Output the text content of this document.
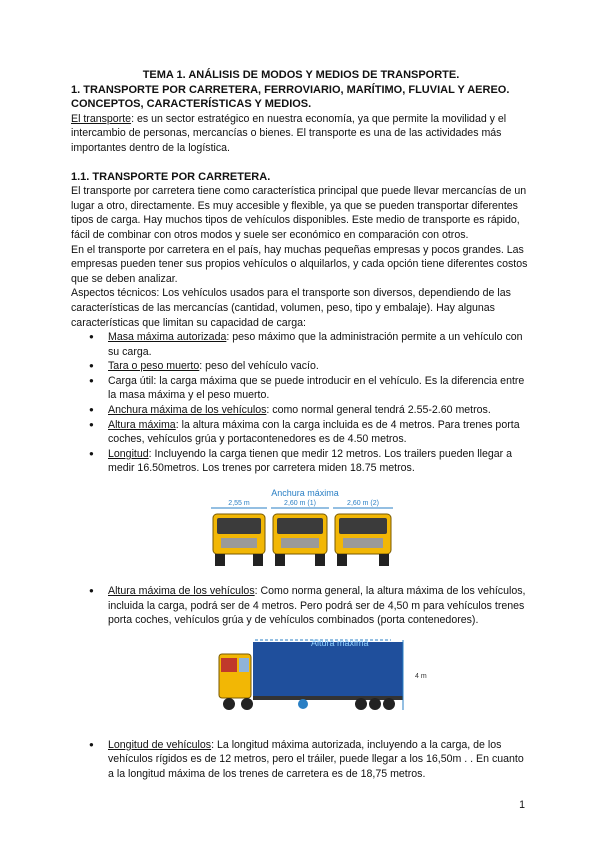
TEMA 1. ANÁLISIS DE MODOS Y MEDIOS DE TRANSPORTE.
1. TRANSPORTE POR CARRETERA, FERROVIARIO, MARÍTIMO, FLUVIAL Y AEREO. CONCEPTOS, CARACTERÍSTICAS Y MEDIOS.

El transporte: es un sector estratégico en nuestra economía, ya que permite la movilidad y el intercambio de personas, mercancías o bienes. El transporte es una de las actividades más importantes dentro de la logística.

1.1. TRANSPORTE POR CARRETERA.

El transporte por carretera tiene como característica principal que puede llevar mercancías de un lugar a otro, directamente. Es muy accesible y flexible, ya que se pueden transportar diferentes tipos de carga. Hay muchos tipos de vehículos disponibles. Este medio de transporte es rápido, fácil de combinar con otros modos y suele ser económico en comparación con otros.

En el transporte por carretera en el país, hay muchas pequeñas empresas y pocos grandes. Las empresas pueden tener sus propios vehículos o alquilarlos, y cada opción tiene diferentes costos que se deben analizar.

Aspectos técnicos: Los vehículos usados para el transporte son diversos, dependiendo de las características de las mercancías (cantidad, volumen, peso, tipo y embalaje). Hay algunas características que limitan su capacidad de carga:

● Masa máxima autorizada: peso máximo que la administración permite a un vehículo con su carga.
● Tara o peso muerto: peso del vehículo vacío.
● Carga útil: la carga máxima que se puede introducir en el vehículo. Es la diferencia entre la masa máxima y el peso muerto.
● Anchura máxima de los vehículos: como normal general tendrá 2.55-2.60 metros.
● Altura máxima: la altura máxima con la carga incluida es de 4 metros. Para trenes porta coches, vehículos grúa y portacontenedores es de 4.50 metros.
● Longitud: Incluyendo la carga tienen que medir 12 metros. Los trailers pueden llegar a medir 16.50metros. Los trenes por carretera miden 18.75 metros.
Anchura máxima
2,55 m	2,60 m (1)	2,60 m (2)
● Altura máxima de los vehículos: Como norma general, la altura máxima de los vehículos, incluida la carga, podrá ser de 4 metros. Pero podrá ser de 4,50 m para vehículos trenes porta coches, vehículos grúa y de vehículos combinados (porta contenedores).
Altura máxima
4 m
● Longitud de vehículos: La longitud máxima autorizada, incluyendo a la carga, de los vehículos rígidos es de 12 metros, pero el tráiler, puede llegar a los 16,50m . . En cuanto a la longitud máxima de los trenes de carretera es de 18,75 metros.
1
